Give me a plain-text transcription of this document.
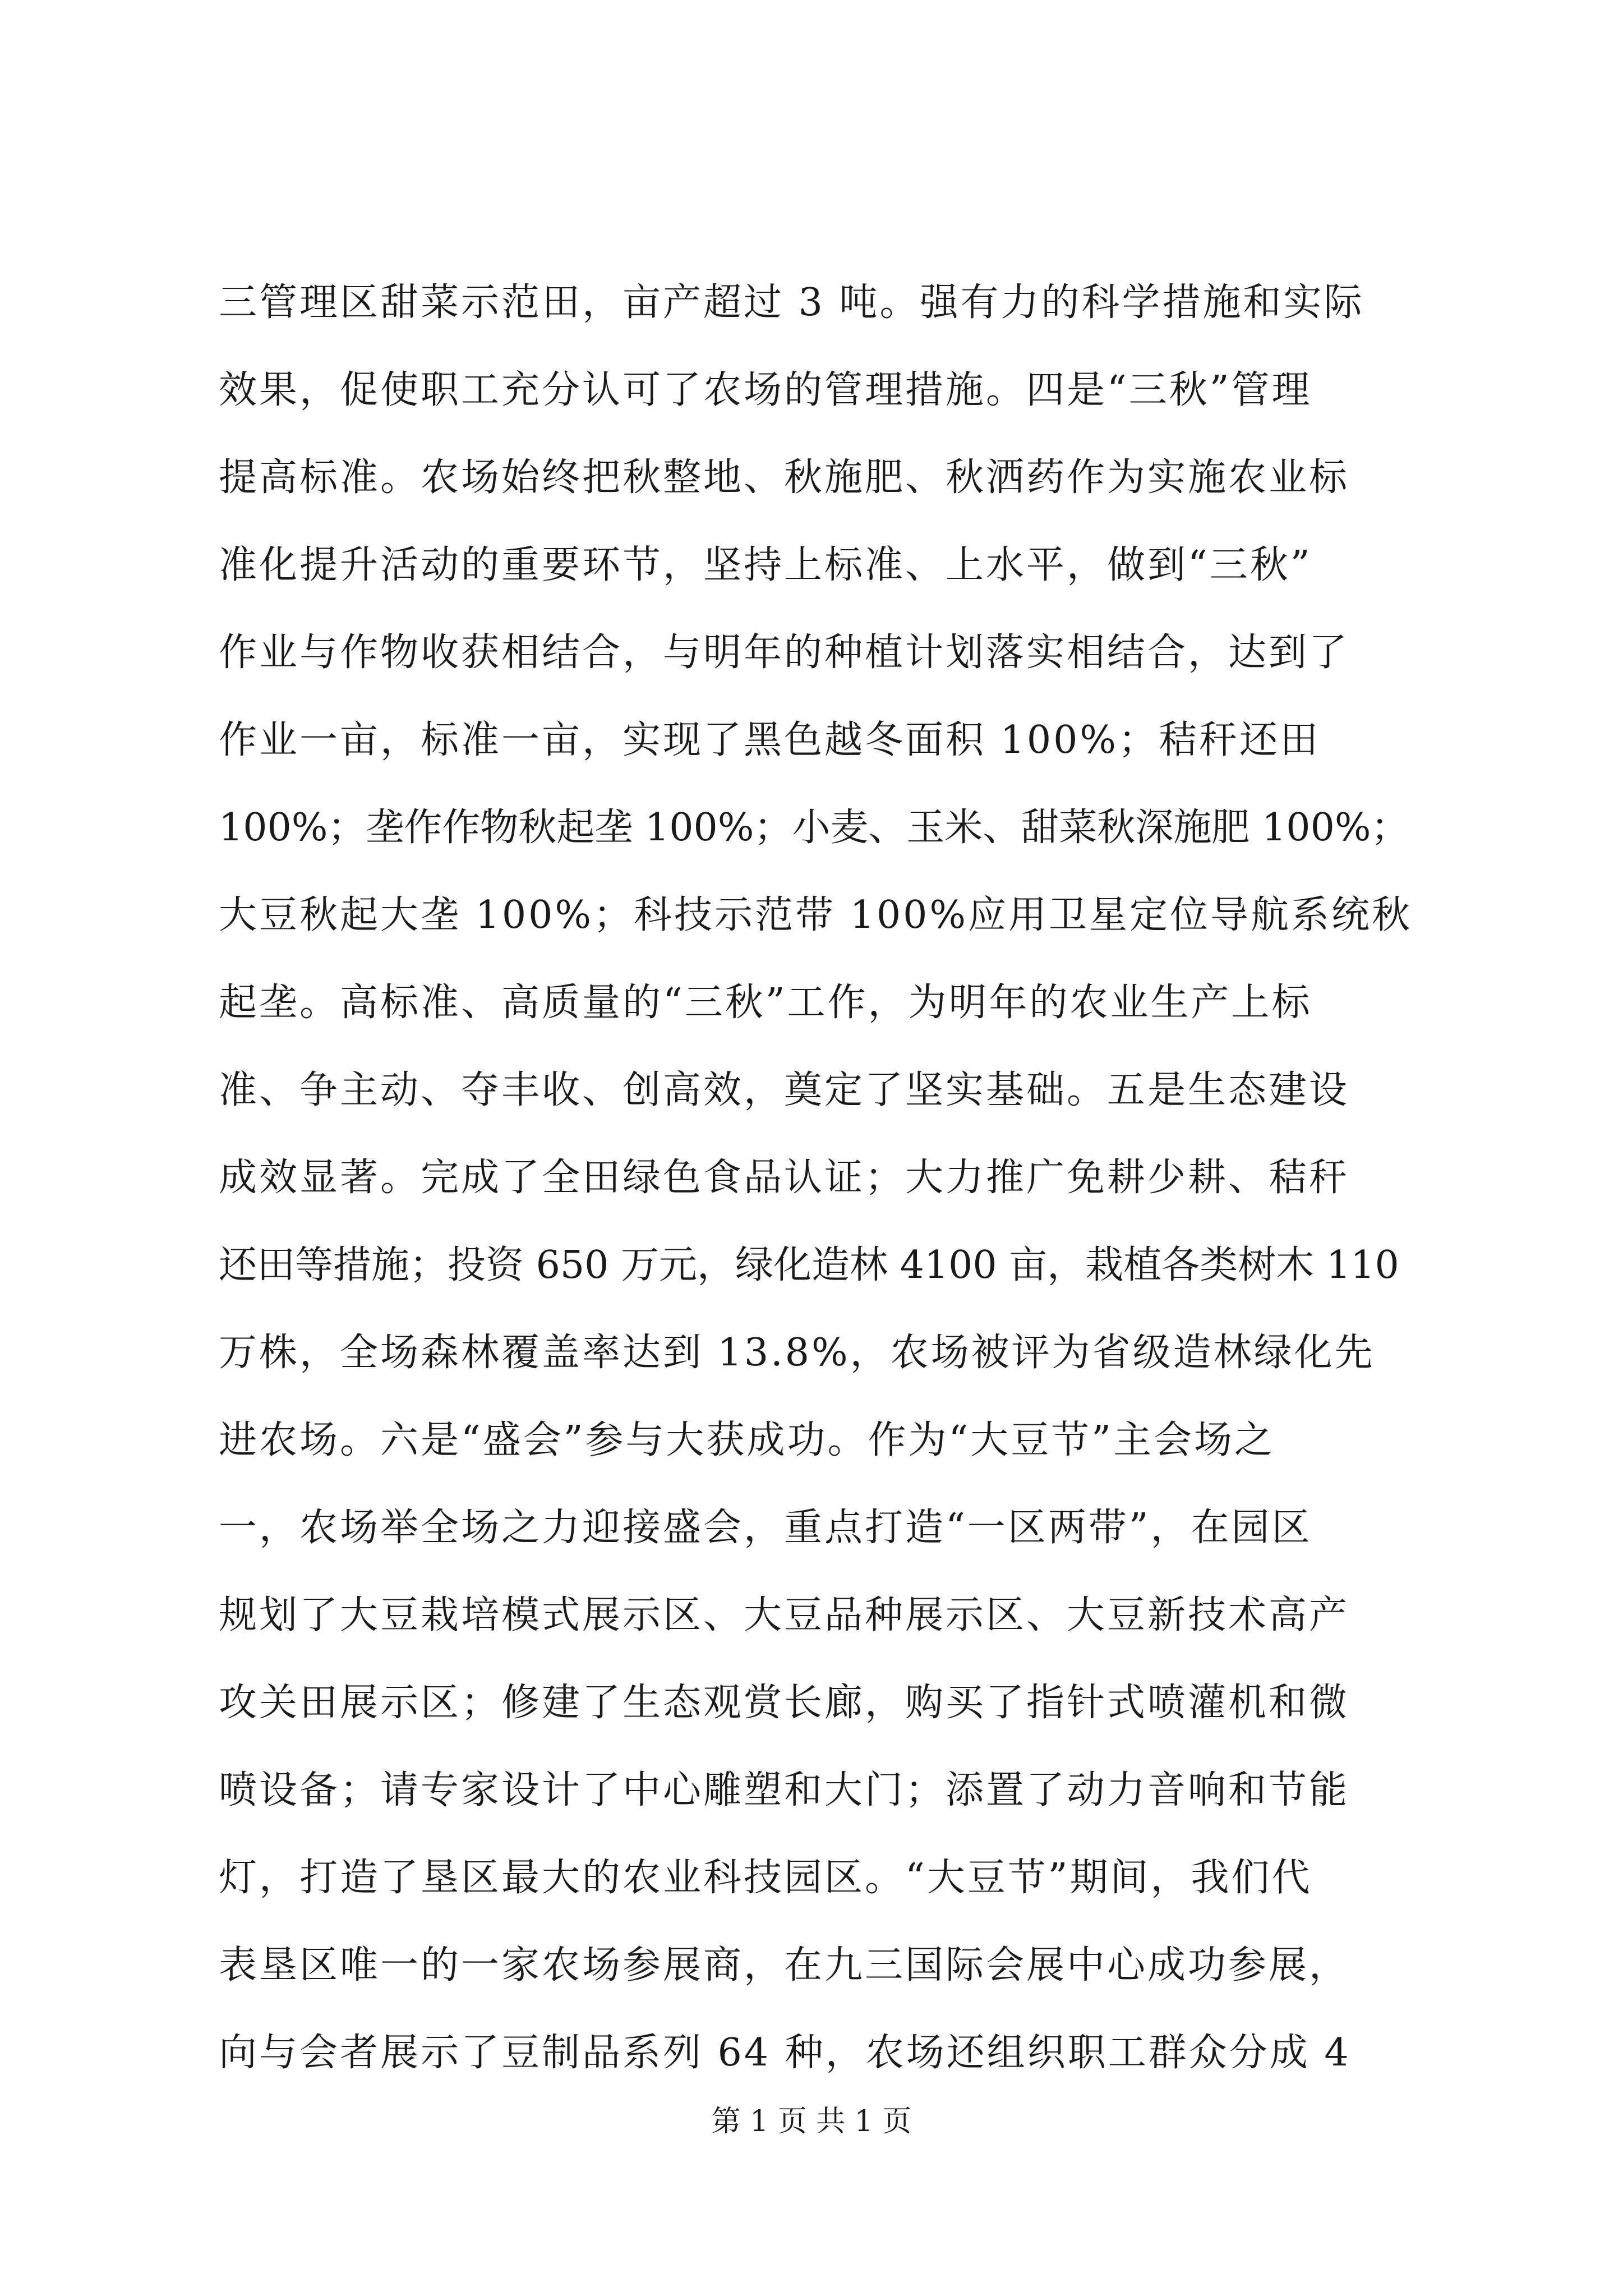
三管理区甜菜示范田，亩产超过 3 吨。强有力的科学措施和实际
效果，促使职工充分认可了农场的管理措施。四是“三秋”管理
提高标准。农场始终把秋整地、秋施肥、秋洒药作为实施农业标
准化提升活动的重要环节，坚持上标准、上水平，做到“三秋”
作业与作物收获相结合，与明年的种植计划落实相结合，达到了
作业一亩，标准一亩，实现了黑色越冬面积 100%；秸秆还田
100%；垄作作物秋起垄 100%；小麦、玉米、甜菜秋深施肥 100%；
大豆秋起大垄 100%；科技示范带 100%应用卫星定位导航系统秋
起垄。高标准、高质量的“三秋”工作，为明年的农业生产上标
准、争主动、夺丰收、创高效，奠定了坚实基础。五是生态建设
成效显著。完成了全田绿色食品认证；大力推广免耕少耕、秸秆
还田等措施；投资 650 万元，绿化造林 4100 亩，栽植各类树木 110
万株，全场森林覆盖率达到 13.8%，农场被评为省级造林绿化先
进农场。六是“盛会”参与大获成功。作为“大豆节”主会场之
一，农场举全场之力迎接盛会，重点打造“一区两带”，在园区
规划了大豆栽培模式展示区、大豆品种展示区、大豆新技术高产
攻关田展示区；修建了生态观赏长廊，购买了指针式喷灌机和微
喷设备；请专家设计了中心雕塑和大门；添置了动力音响和节能
灯，打造了垦区最大的农业科技园区。“大豆节”期间，我们代
表垦区唯一的一家农场参展商，在九三国际会展中心成功参展，
向与会者展示了豆制品系列 64 种，农场还组织职工群众分成 4
第 1 页 共 1 页
